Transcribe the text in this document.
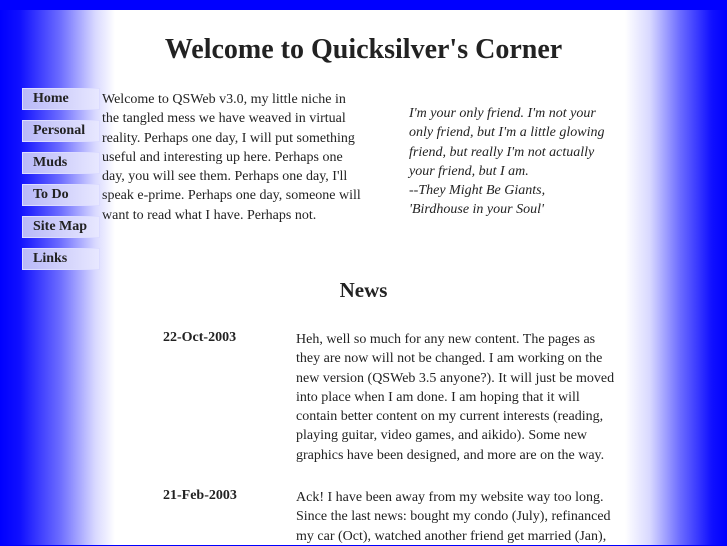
Welcome to Quicksilver's Corner
Home
Personal
Muds
To Do
Site Map
Links
Welcome to QSWeb v3.0, my little niche in the tangled mess we have weaved in virtual reality. Perhaps one day, I will put something useful and interesting up here. Perhaps one day, you will see them. Perhaps one day, I'll speak e-prime. Perhaps one day, someone will want to read what I have. Perhaps not.
I'm your only friend. I'm not your only friend, but I'm a little glowing friend, but really I'm not actually your friend, but I am.
--They Might Be Giants,
'Birdhouse in your Soul'
News
22-Oct-2003	Heh, well so much for any new content. The pages as they are now will not be changed. I am working on the new version (QSWeb 3.5 anyone?). It will just be moved into place when I am done. I am hoping that it will contain better content on my current interests (reading, playing guitar, video games, and aikido). Some new graphics have been designed, and more are on the way.
21-Feb-2003	Ack! I have been away from my website way too long. Since the last news: bought my condo (July), refinanced my car (Oct), watched another friend get married (Jan),
